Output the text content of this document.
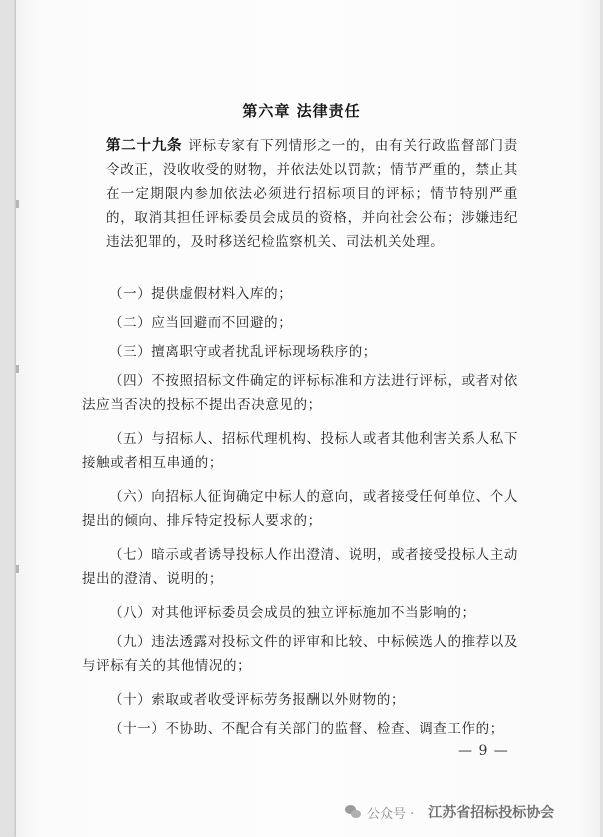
第六章 法律责任

第二十九条 评标专家有下列情形之一的，由有关行政监督部门责令改正，没收收受的财物，并依法处以罚款；情节严重的，禁止其在一定期限内参加依法必须进行招标项目的评标；情节特别严重的，取消其担任评标委员会成员的资格，并向社会公布；涉嫌违纪违法犯罪的，及时移送纪检监察机关、司法机关处理。

（一）提供虚假材料入库的；

（二）应当回避而不回避的；

（三）擅离职守或者扰乱评标现场秩序的；

（四）不按照招标文件确定的评标标准和方法进行评标，或者对依法应当否决的投标不提出否决意见的；

（五）与招标人、招标代理机构、投标人或者其他利害关系人私下接触或者相互串通的；

（六）向招标人征询确定中标人的意向，或者接受任何单位、个人提出的倾向、排斥特定投标人要求的；

（七）暗示或者诱导投标人作出澄清、说明，或者接受投标人主动提出的澄清、说明的；

（八）对其他评标委员会成员的独立评标施加不当影响的；

（九）违法透露对投标文件的评审和比较、中标候选人的推荐以及与评标有关的其他情况的；

（十）索取或者收受评标劳务报酬以外财物的；

（十一）不协助、不配合有关部门的监督、检查、调查工作的；

— 9 —
公众号 · 江苏省招标投标协会
